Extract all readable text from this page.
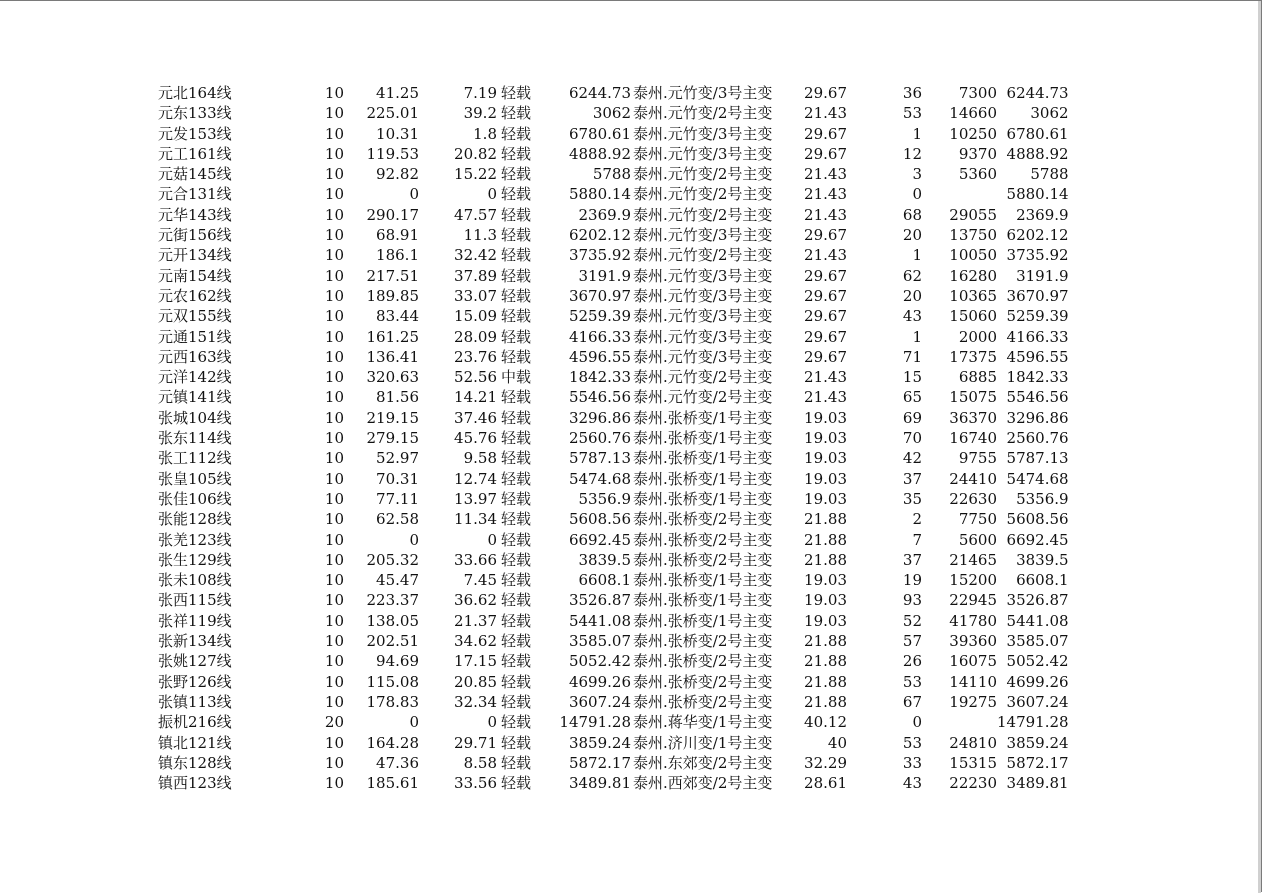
元北164线	10	41.25	7.19	轻载	6244.73	泰州.元竹变/3号主变	29.67	36	7300	6244.73
元东133线	10	225.01	39.2	轻载	3062	泰州.元竹变/2号主变	21.43	53	14660	3062
元发153线	10	10.31	1.8	轻载	6780.61	泰州.元竹变/3号主变	29.67	1	10250	6780.61
元工161线	10	119.53	20.82	轻载	4888.92	泰州.元竹变/3号主变	29.67	12	9370	4888.92
元菇145线	10	92.82	15.22	轻载	5788	泰州.元竹变/2号主变	21.43	3	5360	5788
元合131线	10	0	0	轻载	5880.14	泰州.元竹变/2号主变	21.43	0		5880.14
元华143线	10	290.17	47.57	轻载	2369.9	泰州.元竹变/2号主变	21.43	68	29055	2369.9
元街156线	10	68.91	11.3	轻载	6202.12	泰州.元竹变/3号主变	29.67	20	13750	6202.12
元开134线	10	186.1	32.42	轻载	3735.92	泰州.元竹变/2号主变	21.43	1	10050	3735.92
元南154线	10	217.51	37.89	轻载	3191.9	泰州.元竹变/3号主变	29.67	62	16280	3191.9
元农162线	10	189.85	33.07	轻载	3670.97	泰州.元竹变/3号主变	29.67	20	10365	3670.97
元双155线	10	83.44	15.09	轻载	5259.39	泰州.元竹变/3号主变	29.67	43	15060	5259.39
元通151线	10	161.25	28.09	轻载	4166.33	泰州.元竹变/3号主变	29.67	1	2000	4166.33
元西163线	10	136.41	23.76	轻载	4596.55	泰州.元竹变/3号主变	29.67	71	17375	4596.55
元洋142线	10	320.63	52.56	中载	1842.33	泰州.元竹变/2号主变	21.43	15	6885	1842.33
元镇141线	10	81.56	14.21	轻载	5546.56	泰州.元竹变/2号主变	21.43	65	15075	5546.56
张城104线	10	219.15	37.46	轻载	3296.86	泰州.张桥变/1号主变	19.03	69	36370	3296.86
张东114线	10	279.15	45.76	轻载	2560.76	泰州.张桥变/1号主变	19.03	70	16740	2560.76
张工112线	10	52.97	9.58	轻载	5787.13	泰州.张桥变/1号主变	19.03	42	9755	5787.13
张皇105线	10	70.31	12.74	轻载	5474.68	泰州.张桥变/1号主变	19.03	37	24410	5474.68
张佳106线	10	77.11	13.97	轻载	5356.9	泰州.张桥变/1号主变	19.03	35	22630	5356.9
张能128线	10	62.58	11.34	轻载	5608.56	泰州.张桥变/2号主变	21.88	2	7750	5608.56
张羌123线	10	0	0	轻载	6692.45	泰州.张桥变/2号主变	21.88	7	5600	6692.45
张生129线	10	205.32	33.66	轻载	3839.5	泰州.张桥变/2号主变	21.88	37	21465	3839.5
张未108线	10	45.47	7.45	轻载	6608.1	泰州.张桥变/1号主变	19.03	19	15200	6608.1
张西115线	10	223.37	36.62	轻载	3526.87	泰州.张桥变/1号主变	19.03	93	22945	3526.87
张祥119线	10	138.05	21.37	轻载	5441.08	泰州.张桥变/1号主变	19.03	52	41780	5441.08
张新134线	10	202.51	34.62	轻载	3585.07	泰州.张桥变/2号主变	21.88	57	39360	3585.07
张姚127线	10	94.69	17.15	轻载	5052.42	泰州.张桥变/2号主变	21.88	26	16075	5052.42
张野126线	10	115.08	20.85	轻载	4699.26	泰州.张桥变/2号主变	21.88	53	14110	4699.26
张镇113线	10	178.83	32.34	轻载	3607.24	泰州.张桥变/2号主变	21.88	67	19275	3607.24
振机216线	20	0	0	轻载	14791.28	泰州.蒋华变/1号主变	40.12	0		14791.28
镇北121线	10	164.28	29.71	轻载	3859.24	泰州.济川变/1号主变	40	53	24810	3859.24
镇东128线	10	47.36	8.58	轻载	5872.17	泰州.东郊变/2号主变	32.29	33	15315	5872.17
镇西123线	10	185.61	33.56	轻载	3489.81	泰州.西郊变/2号主变	28.61	43	22230	3489.81
